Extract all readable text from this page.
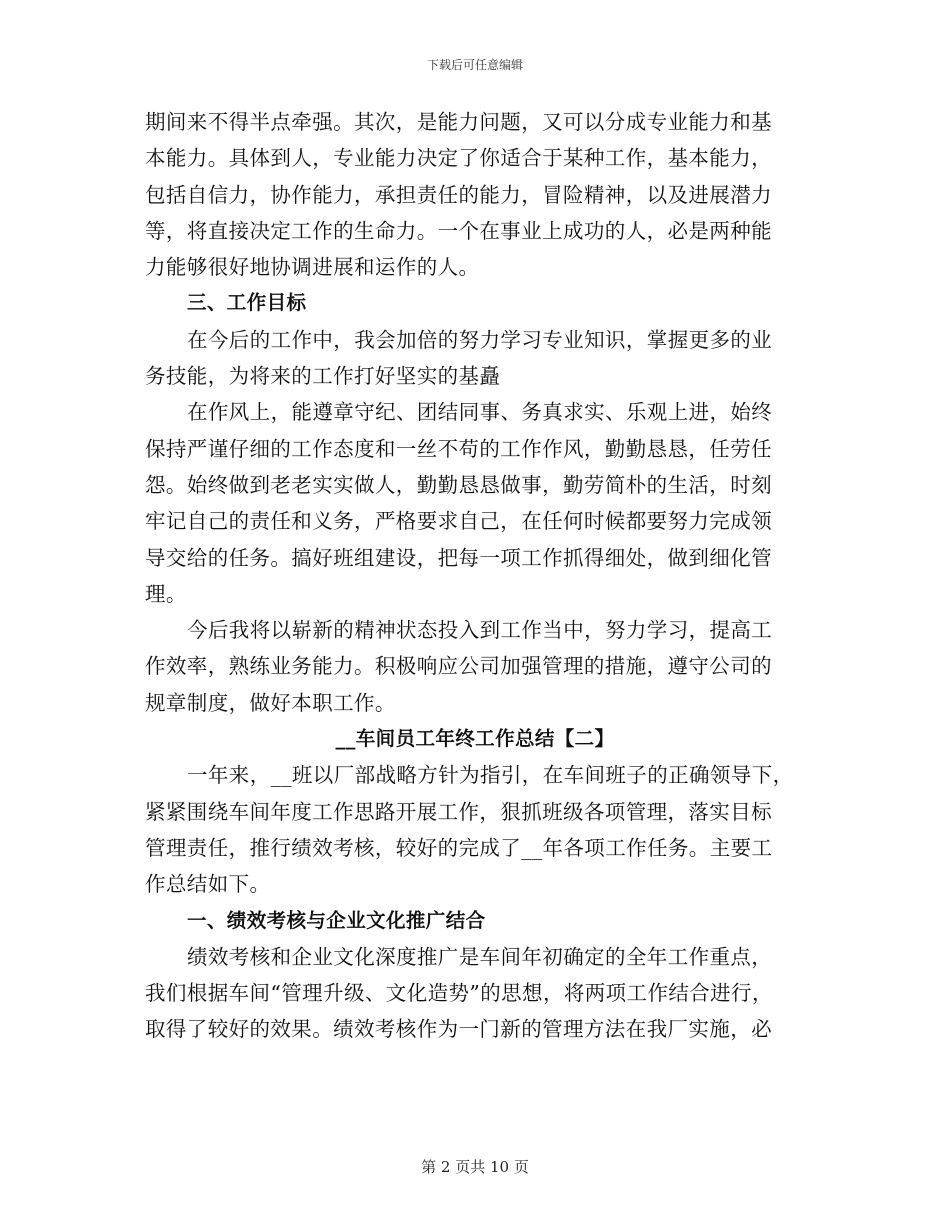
下载后可任意编辑
期间来不得半点牵强。其次，是能力问题，又可以分成专业能力和基
本能力。具体到人，专业能力决定了你适合于某种工作，基本能力，
包括自信力，协作能力，承担责任的能力，冒险精神，以及进展潜力
等，将直接决定工作的生命力。一个在事业上成功的人，必是两种能
力能够很好地协调进展和运作的人。
三、工作目标
在今后的工作中，我会加倍的努力学习专业知识，掌握更多的业
务技能，为将来的工作打好坚实的基矗
在作风上，能遵章守纪、团结同事、务真求实、乐观上进，始终
保持严谨仔细的工作态度和一丝不苟的工作作风，勤勤恳恳，任劳任
怨。始终做到老老实实做人，勤勤恳恳做事，勤劳简朴的生活，时刻
牢记自己的责任和义务，严格要求自己，在任何时候都要努力完成领
导交给的任务。搞好班组建设，把每一项工作抓得细处，做到细化管
理。
今后我将以崭新的精神状态投入到工作当中，努力学习，提高工
作效率，熟练业务能力。积极响应公司加强管理的措施，遵守公司的
规章制度，做好本职工作。
__车间员工年终工作总结【二】
一年来，__班以厂部战略方针为指引，在车间班子的正确领导下，
紧紧围绕车间年度工作思路开展工作，狠抓班级各项管理，落实目标
管理责任，推行绩效考核，较好的完成了__年各项工作任务。主要工
作总结如下。
一、绩效考核与企业文化推广结合
绩效考核和企业文化深度推广是车间年初确定的全年工作重点，
我们根据车间“管理升级、文化造势”的思想，将两项工作结合进行，
取得了较好的效果。绩效考核作为一门新的管理方法在我厂实施，必
第 2 页共 10 页
